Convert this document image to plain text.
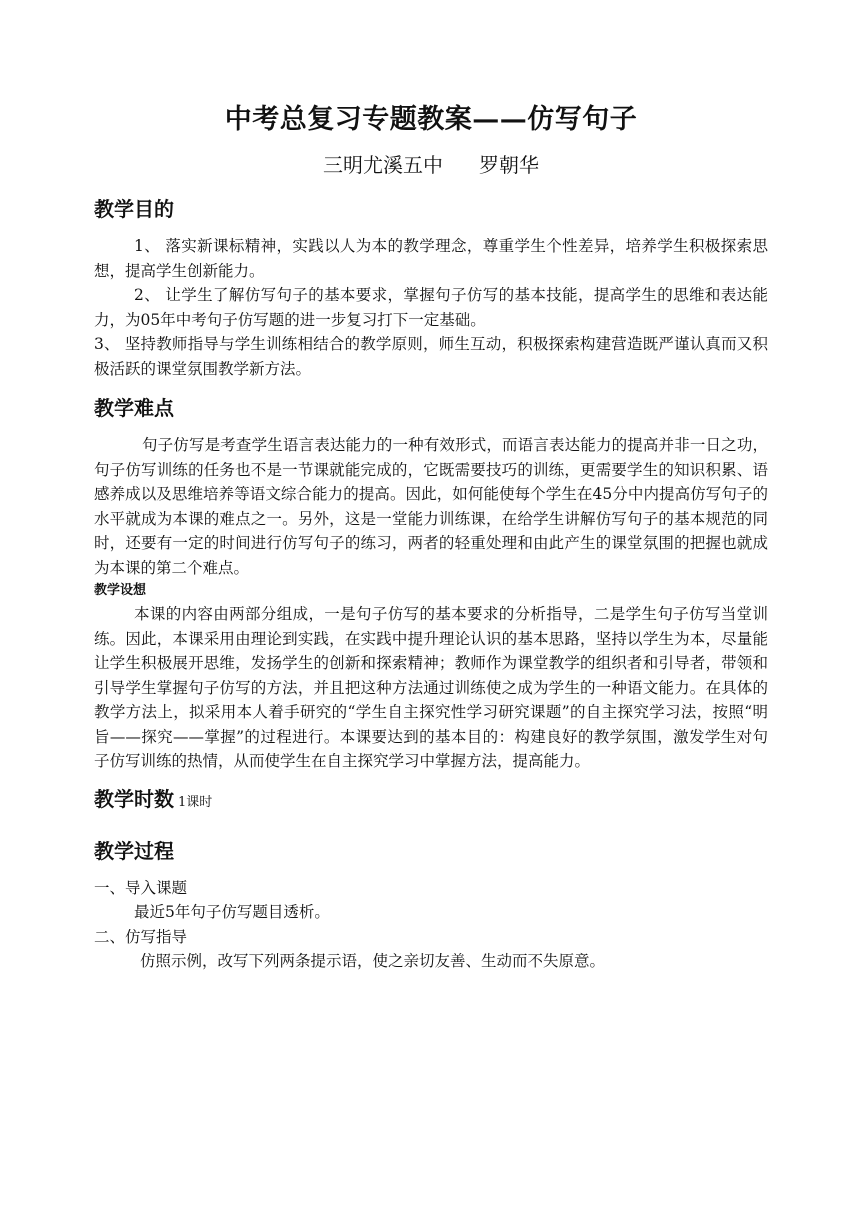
中考总复习专题教案——仿写句子
三明尤溪五中 罗朝华
教学目的

1、 落实新课标精神，实践以人为本的教学理念，尊重学生个性差异，培养学生积极探索思想，提高学生创新能力。

2、 让学生了解仿写句子的基本要求，掌握句子仿写的基本技能，提高学生的思维和表达能力，为05年中考句子仿写题的进一步复习打下一定基础。

3、 坚持教师指导与学生训练相结合的教学原则，师生互动，积极探索构建营造既严谨认真而又积极活跃的课堂氛围教学新方法。

教学难点

句子仿写是考查学生语言表达能力的一种有效形式，而语言表达能力的提高并非一日之功，句子仿写训练的任务也不是一节课就能完成的，它既需要技巧的训练，更需要学生的知识积累、语感养成以及思维培养等语文综合能力的提高。因此，如何能使每个学生在45分中内提高仿写句子的水平就成为本课的难点之一。另外，这是一堂能力训练课，在给学生讲解仿写句子的基本规范的同时，还要有一定的时间进行仿写句子的练习，两者的轻重处理和由此产生的课堂氛围的把握也就成为本课的第二个难点。

教学设想

本课的内容由两部分组成，一是句子仿写的基本要求的分析指导，二是学生句子仿写当堂训练。因此，本课采用由理论到实践，在实践中提升理论认识的基本思路，坚持以学生为本，尽量能让学生积极展开思维，发扬学生的创新和探索精神；教师作为课堂教学的组织者和引导者，带领和引导学生掌握句子仿写的方法，并且把这种方法通过训练使之成为学生的一种语文能力。在具体的教学方法上，拟采用本人着手研究的“学生自主探究性学习研究课题”的自主探究学习法，按照“明旨——探究——掌握”的过程进行。本课要达到的基本目的：构建良好的教学氛围，激发学生对句子仿写训练的热情，从而使学生在自主探究学习中掌握方法，提高能力。

教学时数 1课时
教学过程

一、导入课题

最近5年句子仿写题目透析。

二、仿写指导

仿照示例，改写下列两条提示语，使之亲切友善、生动而不失原意。
